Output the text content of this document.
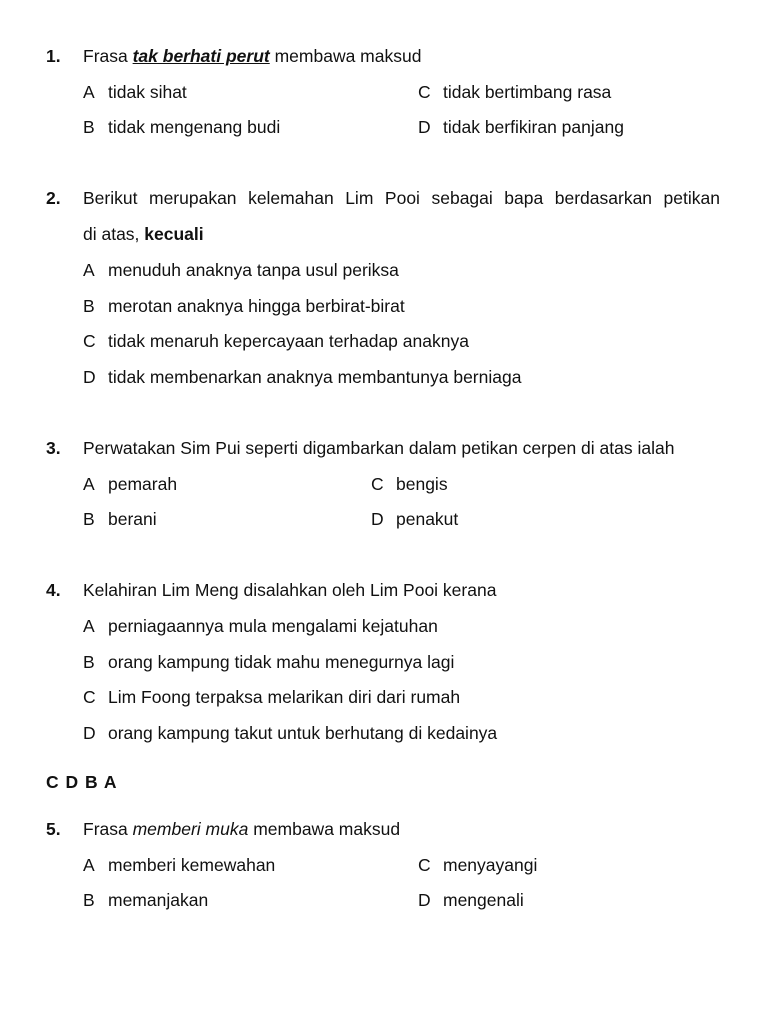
1. Frasa tak berhati perut membawa maksud
A tidak sihat	C tidak bertimbang rasa
B tidak mengenang budi	D tidak berfikiran panjang
2. Berikut merupakan kelemahan Lim Pooi sebagai bapa berdasarkan petikan
di atas, kecuali
A menuduh anaknya tanpa usul periksa
B merotan anaknya hingga berbirat-birat
C tidak menaruh kepercayaan terhadap anaknya
D tidak membenarkan anaknya membantunya berniaga
3. Perwatakan Sim Pui seperti digambarkan dalam petikan cerpen di atas ialah
A pemarah	C bengis
B berani	D penakut
4. Kelahiran Lim Meng disalahkan oleh Lim Pooi kerana
A perniagaannya mula mengalami kejatuhan
B orang kampung tidak mahu menegurnya lagi
C Lim Foong terpaksa melarikan diri dari rumah
D orang kampung takut untuk berhutang di kedainya
C D B A
5. Frasa memberi muka membawa maksud
A memberi kemewahan	C menyayangi
B memanjakan	D mengenali
